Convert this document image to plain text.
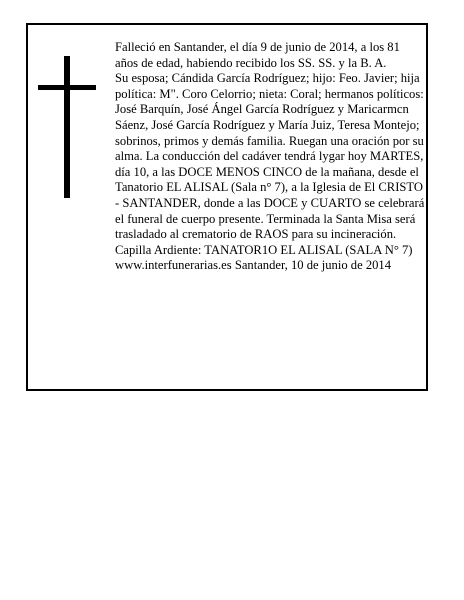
Falleció en Santander, el día 9 de junio de 2014, a los 81 años de edad, habiendo recibido los SS. SS. y la B. A.

Su esposa; Cándida García Rodríguez; hijo: Feo. Javier; hija política: M". Coro Celorrio; nieta: Coral; hermanos políticos: José Barquín, José Ángel García Rodríguez y Maricarmcn Sáenz, José García Rodríguez y María Juiz, Teresa Montejo; sobrinos, primos y demás familia. Ruegan una oración por su alma. La conducción del cadáver tendrá lygar hoy MARTES, día 10, a las DOCE MENOS CINCO de la mañana, desde el Tanatorio EL ALISAL (Sala n° 7), a la Iglesia de El CRISTO - SANTANDER, donde a las DOCE y CUARTO se celebrará el funeral de cuerpo presente. Terminada la Santa Misa será trasladado al crematorio de RAOS para su incineración. Capilla Ardiente: TANATOR1O EL ALISAL (SALA N° 7)

www.interfunerarias.es Santander, 10 de junio de 2014
